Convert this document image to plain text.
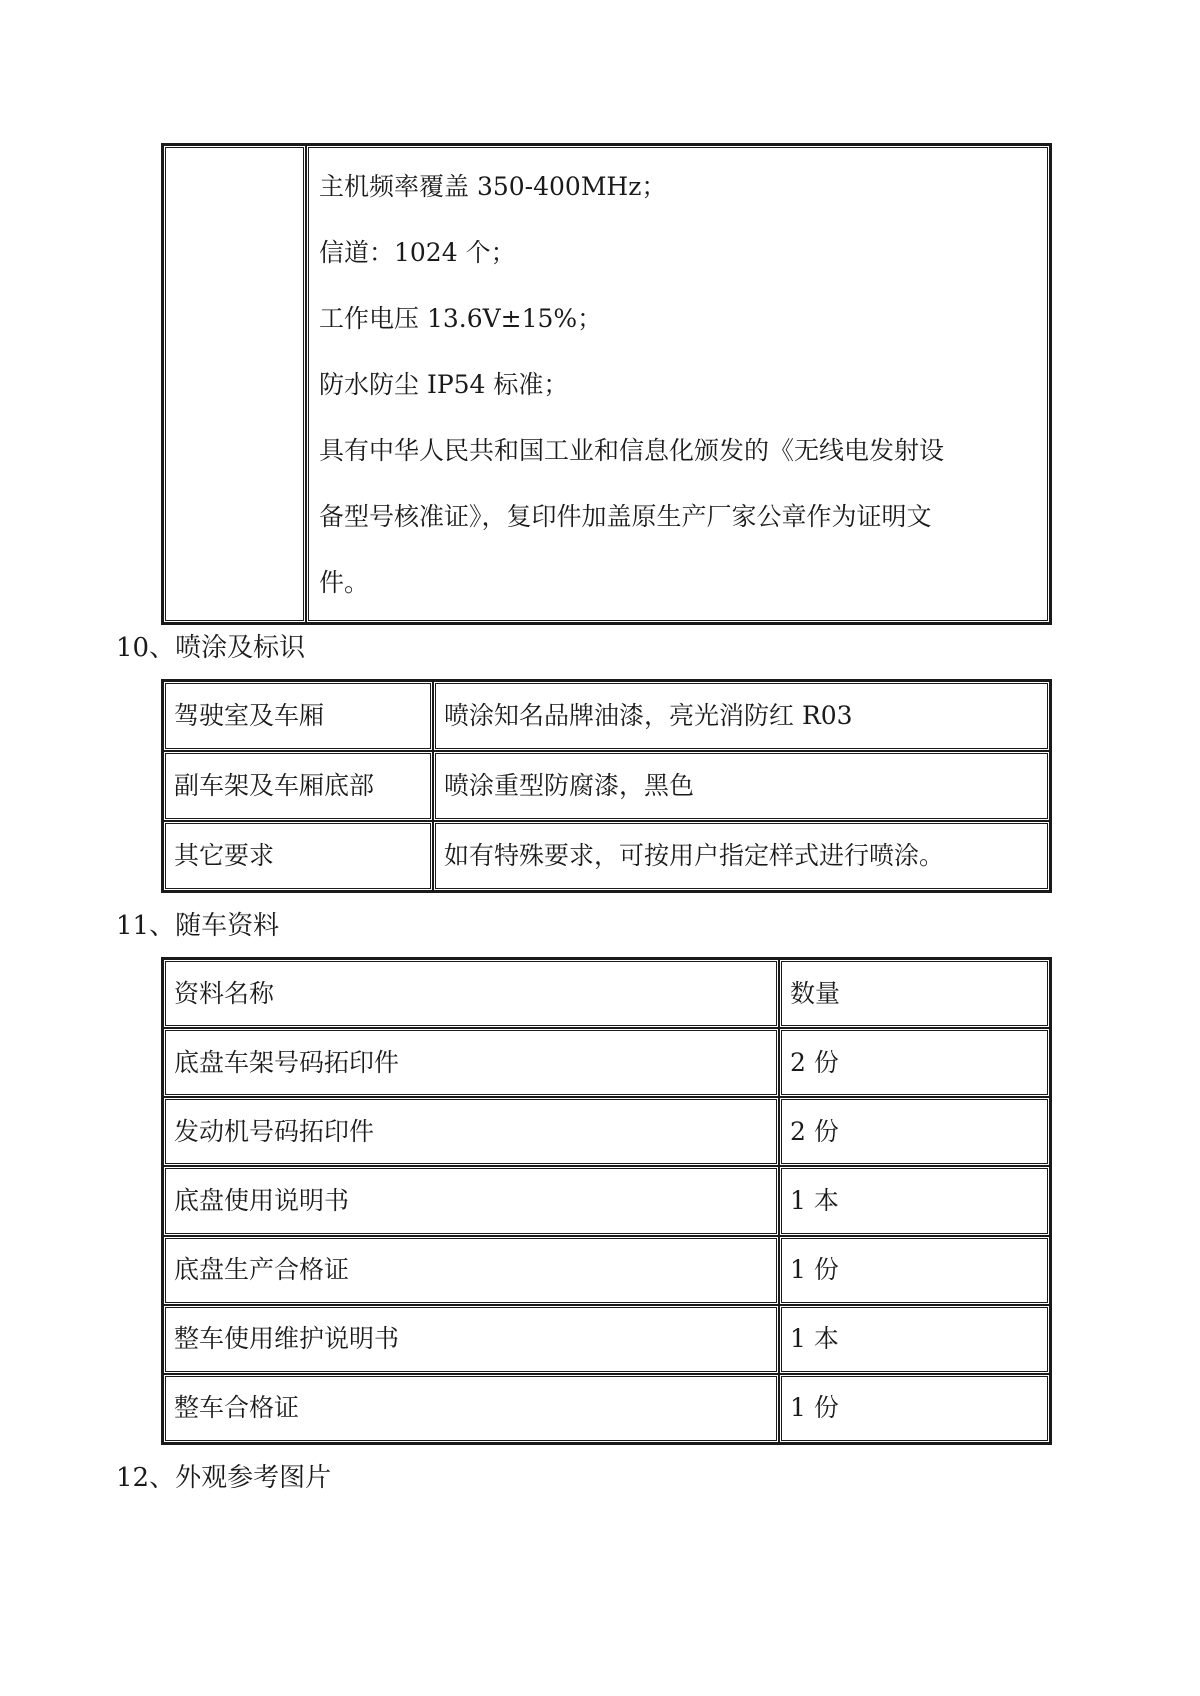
主机频率覆盖 350-400MHz；
信道：1024 个；
工作电压 13.6V±15%；
防水防尘 IP54 标准；
具有中华人民共和国工业和信息化颁发的《无线电发射设
备型号核准证》，复印件加盖原生产厂家公章作为证明文
件。
10、喷涂及标识
驾驶室及车厢	喷涂知名品牌油漆，亮光消防红 R03
副车架及车厢底部	喷涂重型防腐漆，黑色
其它要求	如有特殊要求，可按用户指定样式进行喷涂。
11、随车资料
资料名称	数量
底盘车架号码拓印件	2 份
发动机号码拓印件	2 份
底盘使用说明书	1 本
底盘生产合格证	1 份
整车使用维护说明书	1 本
整车合格证	1 份
12、外观参考图片
